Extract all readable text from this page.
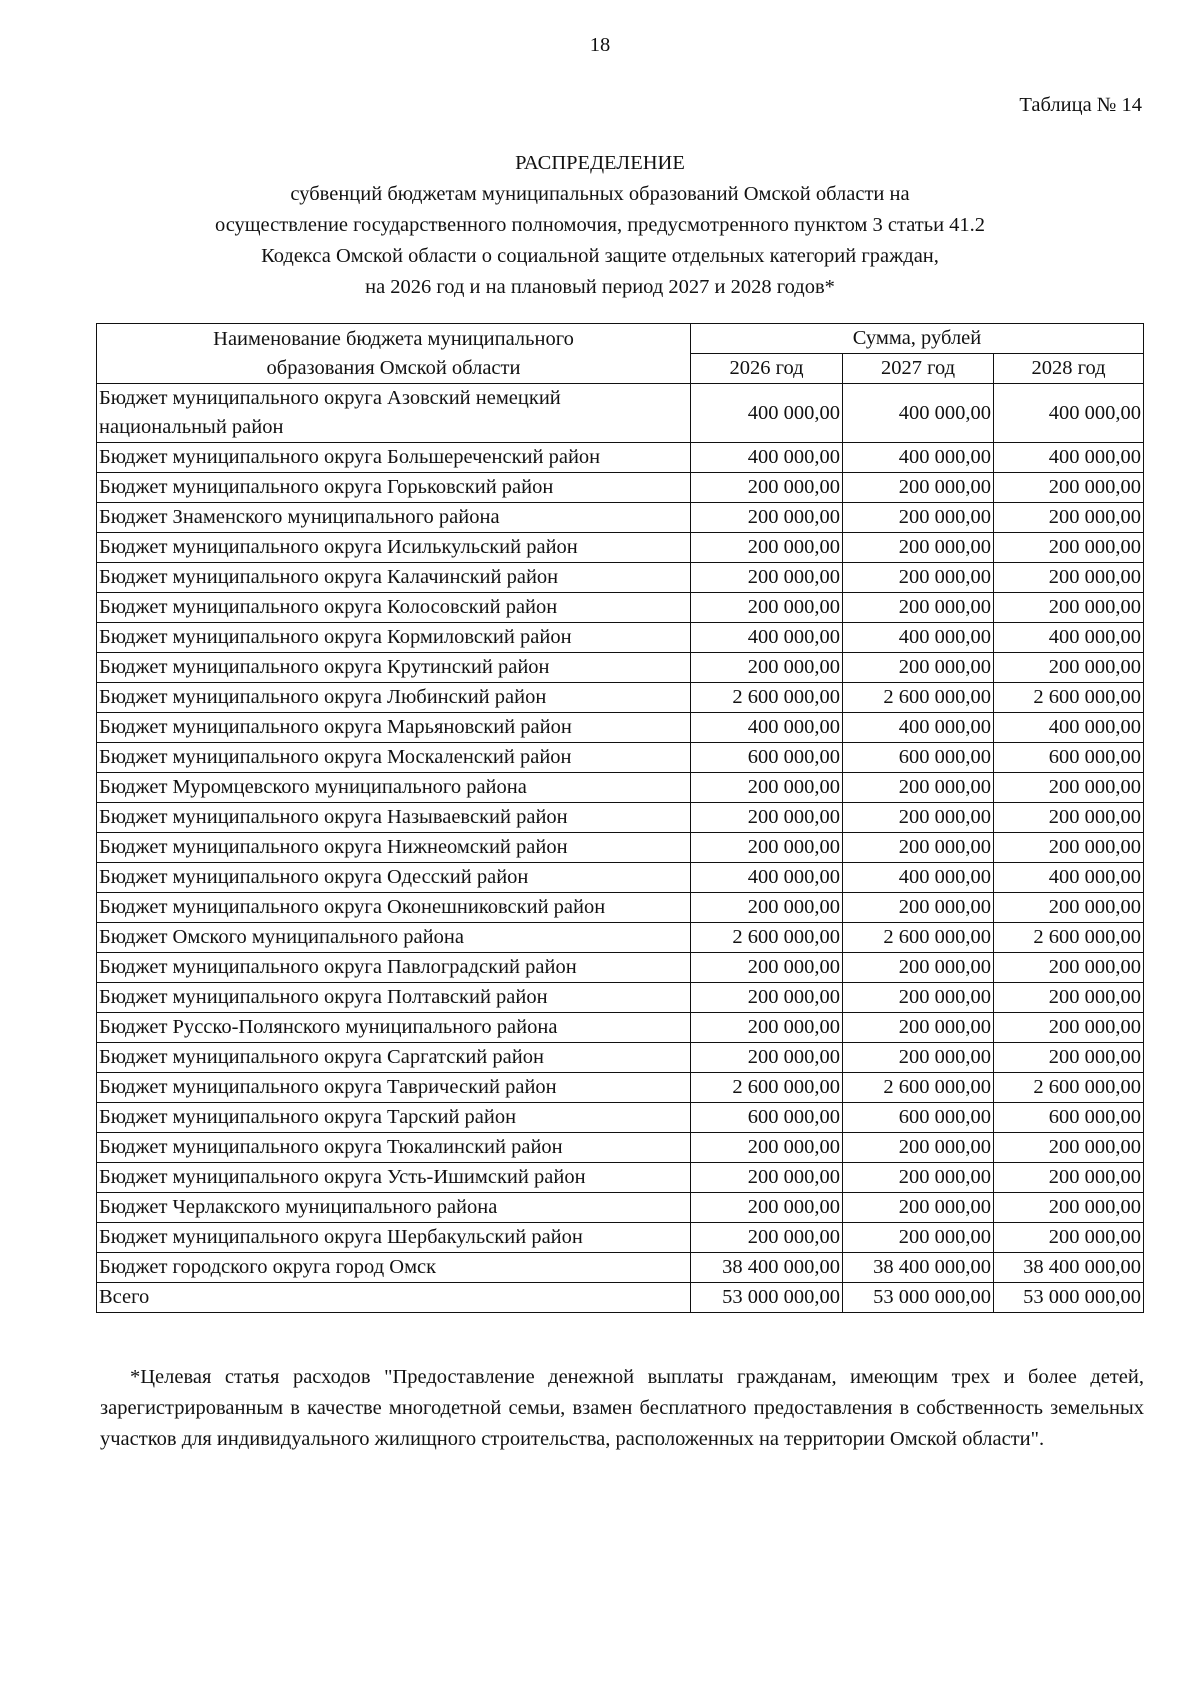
18
Таблица № 14
РАСПРЕДЕЛЕНИЕ
субвенций бюджетам муниципальных образований Омской области на
осуществление государственного полномочия, предусмотренного пунктом 3 статьи 41.2
Кодекса Омской области о социальной защите отдельных категорий граждан,
на 2026 год и на плановый период 2027 и 2028 годов*
Наименование бюджета муниципального образования Омской области	Сумма, рублей		
	2026 год	2027 год	2028 год
Бюджет муниципального округа Азовский немецкий национальный район	400 000,00	400 000,00	400 000,00
Бюджет муниципального округа Большереченский район	400 000,00	400 000,00	400 000,00
Бюджет муниципального округа Горьковский район	200 000,00	200 000,00	200 000,00
Бюджет Знаменского муниципального района	200 000,00	200 000,00	200 000,00
Бюджет муниципального округа Исилькульский район	200 000,00	200 000,00	200 000,00
Бюджет муниципального округа Калачинский район	200 000,00	200 000,00	200 000,00
Бюджет муниципального округа Колосовский район	200 000,00	200 000,00	200 000,00
Бюджет муниципального округа Кормиловский район	400 000,00	400 000,00	400 000,00
Бюджет муниципального округа Крутинский район	200 000,00	200 000,00	200 000,00
Бюджет муниципального округа Любинский район	2 600 000,00	2 600 000,00	2 600 000,00
Бюджет муниципального округа Марьяновский район	400 000,00	400 000,00	400 000,00
Бюджет муниципального округа Москаленский район	600 000,00	600 000,00	600 000,00
Бюджет Муромцевского муниципального района	200 000,00	200 000,00	200 000,00
Бюджет муниципального округа Называевский район	200 000,00	200 000,00	200 000,00
Бюджет муниципального округа Нижнеомский район	200 000,00	200 000,00	200 000,00
Бюджет муниципального округа Одесский район	400 000,00	400 000,00	400 000,00
Бюджет муниципального округа Оконешниковский район	200 000,00	200 000,00	200 000,00
Бюджет Омского муниципального района	2 600 000,00	2 600 000,00	2 600 000,00
Бюджет муниципального округа Павлоградский район	200 000,00	200 000,00	200 000,00
Бюджет муниципального округа Полтавский район	200 000,00	200 000,00	200 000,00
Бюджет Русско-Полянского муниципального района	200 000,00	200 000,00	200 000,00
Бюджет муниципального округа Саргатский район	200 000,00	200 000,00	200 000,00
Бюджет муниципального округа Таврический район	2 600 000,00	2 600 000,00	2 600 000,00
Бюджет муниципального округа Тарский район	600 000,00	600 000,00	600 000,00
Бюджет муниципального округа Тюкалинский район	200 000,00	200 000,00	200 000,00
Бюджет муниципального округа Усть-Ишимский район	200 000,00	200 000,00	200 000,00
Бюджет Черлакского муниципального района	200 000,00	200 000,00	200 000,00
Бюджет муниципального округа Шербакульский район	200 000,00	200 000,00	200 000,00
Бюджет городского округа город Омск	38 400 000,00	38 400 000,00	38 400 000,00
Всего	53 000 000,00	53 000 000,00	53 000 000,00
*Целевая статья расходов "Предоставление денежной выплаты гражданам, имеющим трех и более детей, зарегистрированным в качестве многодетной семьи, взамен бесплатного предоставления в собственность земельных участков для индивидуального жилищного строительства, расположенных на территории Омской области".
